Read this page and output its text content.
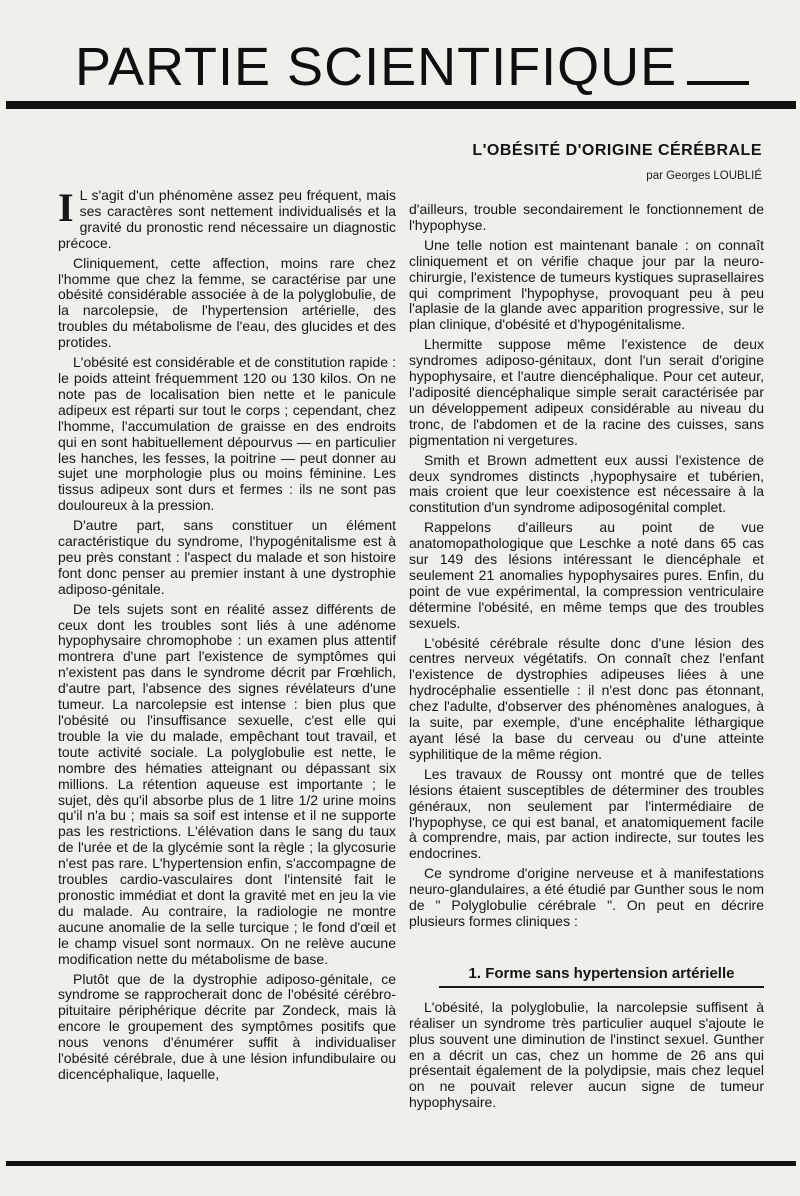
PARTIE SCIENTIFIQUE
L'OBÉSITÉ D'ORIGINE CÉRÉBRALE
par Georges LOUBLIÉ

I L s'agit d'un phénomène assez peu fréquent, mais ses caractères sont nettement individualisés et la gravité du pronostic rend nécessaire un diagnostic précoce.

Cliniquement, cette affection, moins rare chez l'homme que chez la femme, se caractérise par une obésité considérable associée à de la polyglobulie, de la narcolepsie, de l'hypertension artérielle, des troubles du métabolisme de l'eau, des glucides et des protides.

L'obésité est considérable et de constitution rapide : le poids atteint fréquemment 120 ou 130 kilos. On ne note pas de localisation bien nette et le panicule adipeux est réparti sur tout le corps ; cependant, chez l'homme, l'accumulation de graisse en des endroits qui en sont habituellement dépourvus — en particulier les hanches, les fesses, la poitrine — peut donner au sujet une morphologie plus ou moins féminine. Les tissus adipeux sont durs et fermes : ils ne sont pas douloureux à la pression.

D'autre part, sans constituer un élément caractéristique du syndrome, l'hypogénitalisme est à peu près constant : l'aspect du malade et son histoire font donc penser au premier instant à une dystrophie adiposo-génitale.

De tels sujets sont en réalité assez différents de ceux dont les troubles sont liés à une adénome hypophysaire chromophobe : un examen plus attentif montrera d'une part l'existence de symptômes qui n'existent pas dans le syndrome décrit par Frœhlich, d'autre part, l'absence des signes révélateurs d'une tumeur. La narcolepsie est intense : bien plus que l'obésité ou l'insuffisance sexuelle, c'est elle qui trouble la vie du malade, empêchant tout travail, et toute activité sociale. La polyglobulie est nette, le nombre des hématies atteignant ou dépassant six millions. La rétention aqueuse est importante ; le sujet, dès qu'il absorbe plus de 1 litre 1/2 urine moins qu'il n'a bu ; mais sa soif est intense et il ne supporte pas les restrictions. L'élévation dans le sang du taux de l'urée et de la glycémie sont la règle ; la glycosurie n'est pas rare. L'hypertension enfin, s'accompagne de troubles cardio-vasculaires dont l'intensité fait le pronostic immédiat et dont la gravité met en jeu la vie du malade. Au contraire, la radiologie ne montre aucune anomalie de la selle turcique ; le fond d'œil et le champ visuel sont normaux. On ne relève aucune modification nette du métabolisme de base.

Plutôt que de la dystrophie adiposo-génitale, ce syndrome se rapprocherait donc de l'obésité cérébro-pituitaire périphérique décrite par Zondeck, mais là encore le groupement des symptômes positifs que nous venons d'énumérer suffit à individualiser l'obésité cérébrale, due à une lésion infundibulaire ou dicencéphalique, laquelle,

d'ailleurs, trouble secondairement le fonctionnement de l'hypophyse.

Une telle notion est maintenant banale : on connaît cliniquement et on vérifie chaque jour par la neuro-chirurgie, l'existence de tumeurs kystiques suprasellaires qui compriment l'hypophyse, provoquant peu à peu l'aplasie de la glande avec apparition progressive, sur le plan clinique, d'obésité et d'hypogénitalisme.

Lhermitte suppose même l'existence de deux syndromes adiposo-génitaux, dont l'un serait d'origine hypophysaire, et l'autre diencéphalique. Pour cet auteur, l'adiposité diencéphalique simple serait caractérisée par un développement adipeux considérable au niveau du tronc, de l'abdomen et de la racine des cuisses, sans pigmentation ni vergetures.

Smith et Brown admettent eux aussi l'existence de deux syndromes distincts ,hypophysaire et tubérien, mais croient que leur coexistence est nécessaire à la constitution d'un syndrome adiposogénital complet.

Rappelons d'ailleurs au point de vue anatomopathologique que Leschke a noté dans 65 cas sur 149 des lésions intéressant le diencéphale et seulement 21 anomalies hypophysaires pures. Enfin, du point de vue expérimental, la compression ventriculaire détermine l'obésité, en même temps que des troubles sexuels.

L'obésité cérébrale résulte donc d'une lésion des centres nerveux végétatifs. On connaît chez l'enfant l'existence de dystrophies adipeuses liées à une hydrocéphalie essentielle : il n'est donc pas étonnant, chez l'adulte, d'observer des phénomènes analogues, à la suite, par exemple, d'une encéphalite léthargique ayant lésé la base du cerveau ou d'une atteinte syphilitique de la même région.

Les travaux de Roussy ont montré que de telles lésions étaient susceptibles de déterminer des troubles généraux, non seulement par l'intermédiaire de l'hypophyse, ce qui est banal, et anatomiquement facile à comprendre, mais, par action indirecte, sur toutes les endocrines.

Ce syndrome d'origine nerveuse et à manifestations neuro-glandulaires, a été étudié par Gunther sous le nom de " Polyglobulie cérébrale ". On peut en décrire plusieurs formes cliniques :

1. Forme sans hypertension artérielle

L'obésité, la polyglobulie, la narcolepsie suffisent à réaliser un syndrome très particulier auquel s'ajoute le plus souvent une diminution de l'instinct sexuel. Gunther en a décrit un cas, chez un homme de 26 ans qui présentait également de la polydipsie, mais chez lequel on ne pouvait relever aucun signe de tumeur hypophysaire.
